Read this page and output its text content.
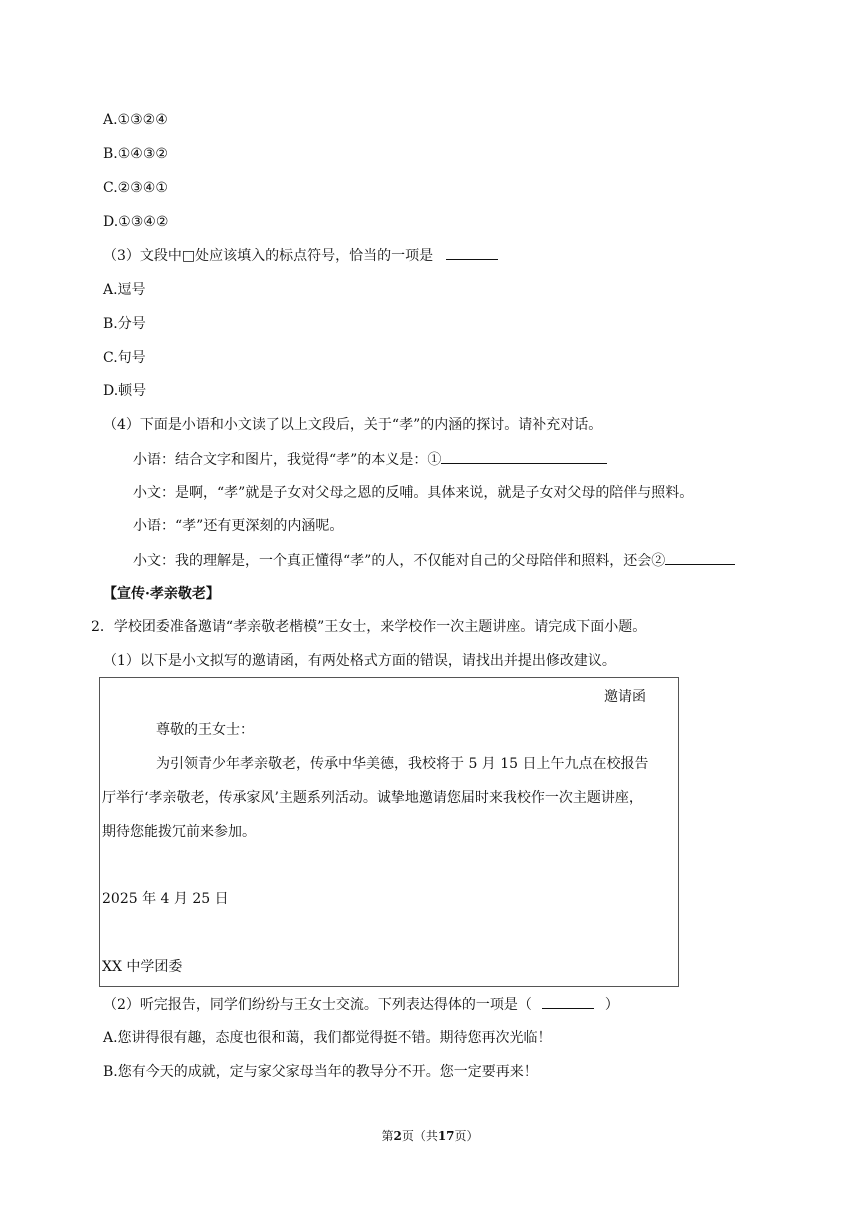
A.①③②④
B.①④③②
C.②③④①
D.①③④②
（3）文段中□处应该填入的标点符号，恰当的一项是
A.逗号
B.分号
C.句号
D.顿号
（4）下面是小语和小文读了以上文段后，关于“孝”的内涵的探讨。请补充对话。
小语：结合文字和图片，我觉得“孝”的本义是：①
小文：是啊，“孝”就是子女对父母之恩的反哺。具体来说，就是子女对父母的陪伴与照料。
小语：“孝”还有更深刻的内涵呢。
小文：我的理解是，一个真正懂得“孝”的人，不仅能对自己的父母陪伴和照料，还会②
【宣传·孝亲敬老】
2．学校团委准备邀请“孝亲敬老楷模”王女士，来学校作一次主题讲座。请完成下面小题。
（1）以下是小文拟写的邀请函，有两处格式方面的错误，请找出并提出修改建议。
邀请函
尊敬的王女士：
为引领青少年孝亲敬老，传承中华美德，我校将于 5 月 15 日上午九点在校报告
厅举行‘孝亲敬老，传承家风’主题系列活动。诚挚地邀请您届时来我校作一次主题讲座，
期待您能拨冗前来参加。
2025 年 4 月 25 日
XX 中学团委
（2）听完报告，同学们纷纷与王女士交流。下列表达得体的一项是（	）
A.您讲得很有趣，态度也很和蔼，我们都觉得挺不错。期待您再次光临！
B.您有今天的成就，定与家父家母当年的教导分不开。您一定要再来！
第2页（共17页）
